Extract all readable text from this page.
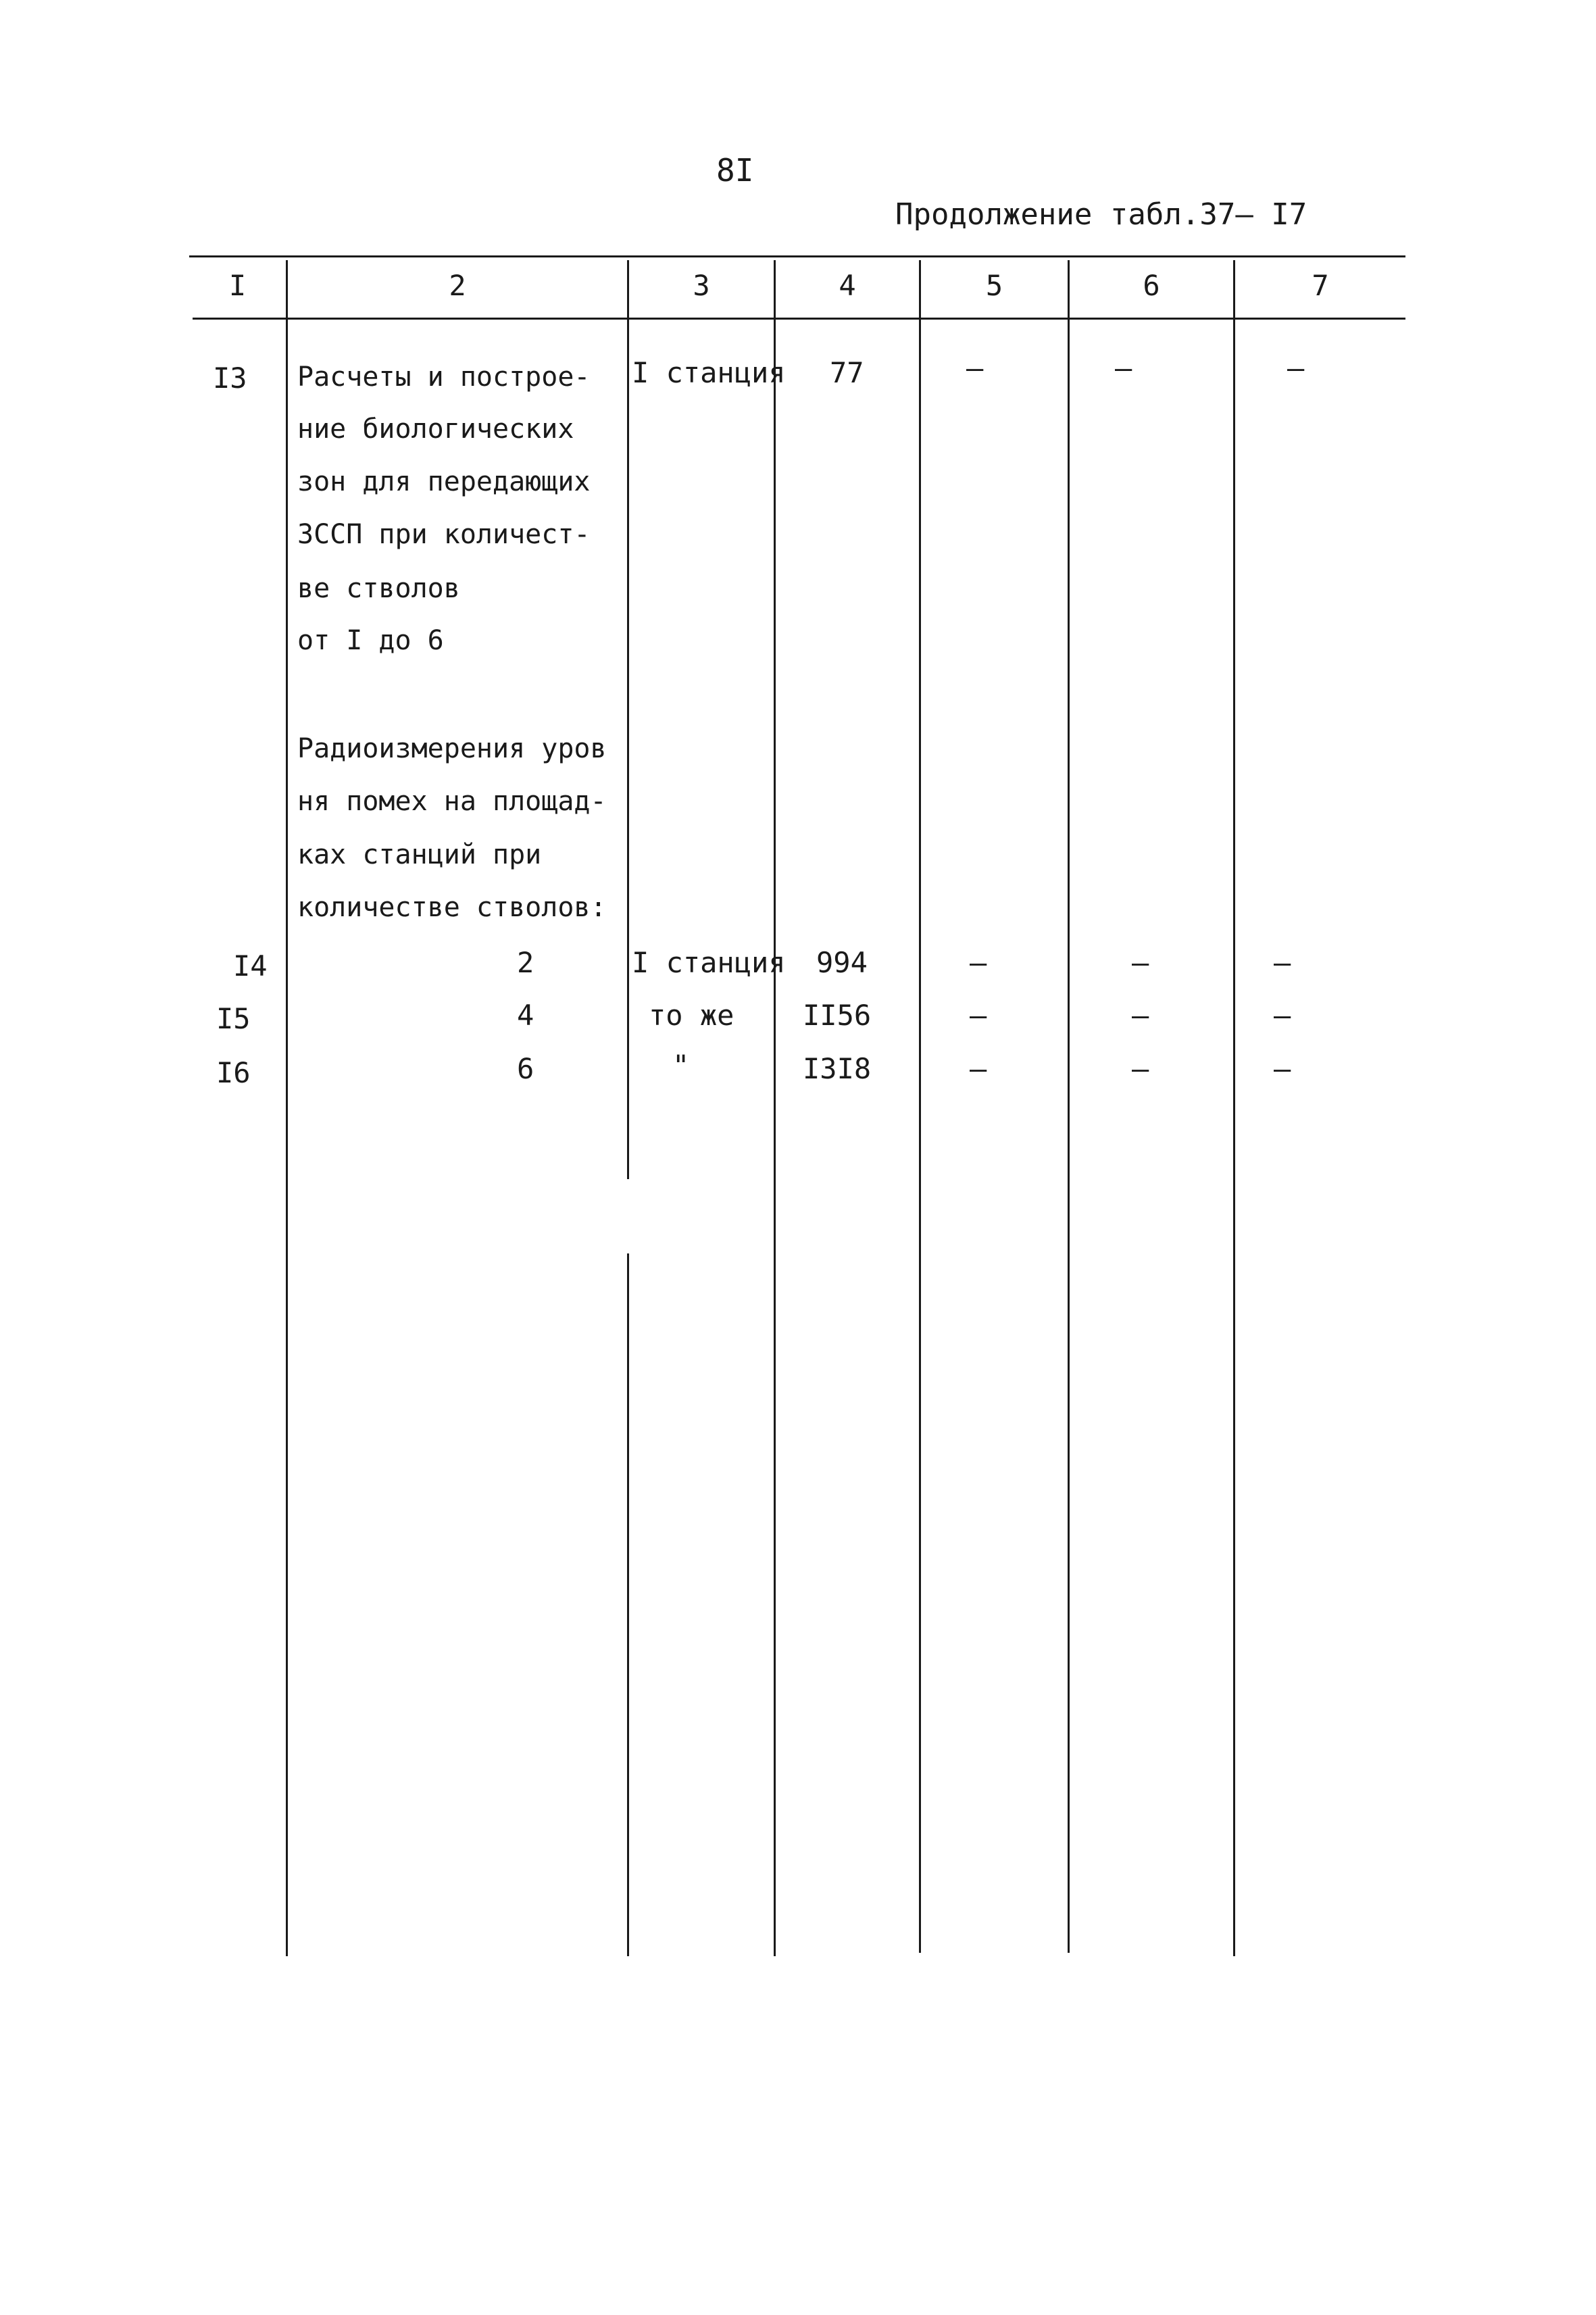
8I
Продолжение табл.37– I7
I	2	3	4	5	6	7
I3 Расчеты и построе-
ние биологических
зон для передающих
ЗССП при количест-
ве стволов
от I до 6
I станция 77	–	–	–
Радиоизмерения уров
ня помех на площад-
ках станций при
количестве стволов:
I4	2	I станция 994	–	–	–
I5	4	то же II56	–	–	–
I6	6	"	I3I8	–	–	–
